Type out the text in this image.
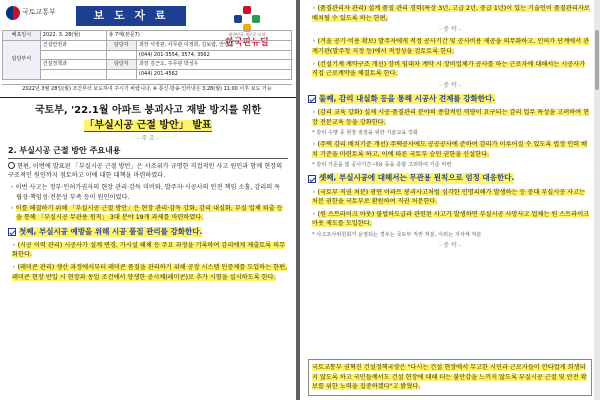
국토교통부	보 도 자 료
대한민국 새로운 도약
한국판뉴딜
배포일시	2022. 3. 28(월)	총 7매(본문7)	
담당부서	건설안전과	담당자	과장 서정관, 사무관 이정희, 김보람, 안일준
			(044) 201-3554, 3574, 3562
	건설정책과	담당자	과장 김근오, 주무관 박성우
			(044) 201-4562
2022년 3월 28일(월) 조간부터 보도하여 주시기 바랍니다. ※ 통신·방송·인터넷은 3.28(월) 11:00 이후 보도 가능
국토부, '22.1월 아파트 붕괴사고 재발 방지를 위한
「부실시공 근절 방안」 발표
- 주 요 -
2. 부실시공 근절 방안 주요내용
현편, 이번에 발표된 「부실시공 근절 방안」은 사조위가 규명한 직접적인 사고 원인과 함께 현장의 구조적인 원인까지 점토하고 이에 대한 대책을 마련하였다.
◦ 이번 사고는 정부·인허가권자의 현장 관리·감독 미비와, 발주자·시공사의 안전 책임 소홀, 감리의 독립성·책임성·전문성 부족 등이 원인이었다.
◦ 이를 해결하기 위해 「부실시공 근절 방안」은 현장 관리·감독 강화, 감리 내실화, 부실 업체 퇴출 등을 통해 「부실시공 무관용 원칙」 3대 분야 19개 과제를 마련하였다.
첫째, 부실시공 예방을 위해 시공 품질 관리를 강화한다.
◦ (시공 이력 관리) 시공사가 설계 변경, 가시설 해체 등 주요 과정을 기록하여 감리에게 제출토록 의무화한다.
◦ (레미콘 관리) 생산 과정에서부터 레미콘 품질을 관리하기 위해 공장 시스템 인증제를 도입하는 한편, 레미콘 현장 반입 시 현장과 동일 조건에서 양생한 공시체(레미콘)로 추가 시험을 실시하도록 한다.
◦ (품질관리자 관리) 설계 품질 관리 경력(특상 3년, 고급 2년, 중급 1년)이 있는 기술인이 품질관리자로 배치될 수 있도록 하는 한편,
- 중 략 -
◦ (겨울 공기·비용 확보) 발주자에게 적정 공사기간 및 공사비용 제공을 의무화하고, 인허가 단계에서 관계기관(발주청 지정 등)에서 적정성을 검토토록 한다.
◦ (건설기계 계약구조 개선) 장비 임대차 계약 시 장비업체가 공사를 하는 근로자에 대해서는 시공사가 직접 근로계약을 체결토록 한다.
- 중 략 -
둘째, 감리 내실화 등을 통해 시공사 견제를 강화한다.
◦ (감리 교육 강화) 실제 시공·품질관리 분야의 종합적인 역량이 요구되는 감리 업무 특성을 고려하여 현장 전문교육 등을 강화한다.
* 감리 수행 중 현장 점검을 위한 기술교육 강화
◦ (주택 감리 배치기준 개선) 주택공사에도 공공공사에 준하여 감리가 이루어질 수 있도록 법정 인력 배치 기준을 마련토록 하고, 이에 따른 국토부 승인 권한을 신설한다.
* 감리 기준을 및 공사기간·내용 등을 종합 고려하여 기준 마련
셋째, 부실시공에 대해서는 무관용 원칙으로 엄정 대응한다.
◦ (국토부 직권 처분) 광연 아파트 붕괴사고처럼 심각한 인명피해가 발생하는 등 중대 부실시공 사고는 처분 권한을 국토부로 환원하여 직권 처분한다.
◦ (원 스트라이크 아웃) 불법하도급과 관련된 사고가 발생하면 부실시공 사망사고 업체는 원 스트라이크 아웃 제도를 도입한다.
* 사고조사위원회가 운영되는 경우는 국토부 직권 처분, 이외는 지자체 처분
- 중 략 -
국토교통부 권혁진 건설정책국장은 "다시는 건설 현장에서 무고한 시민과 근로자들이 안타깝게 희생되지 않도록 하고 국민들께서도 건설 현장에 대해 더는 불안감을 느끼지 않도록 부실시공 근절 및 안전 확보를 위한 노력을 집중하겠다"고 밝혔다.
